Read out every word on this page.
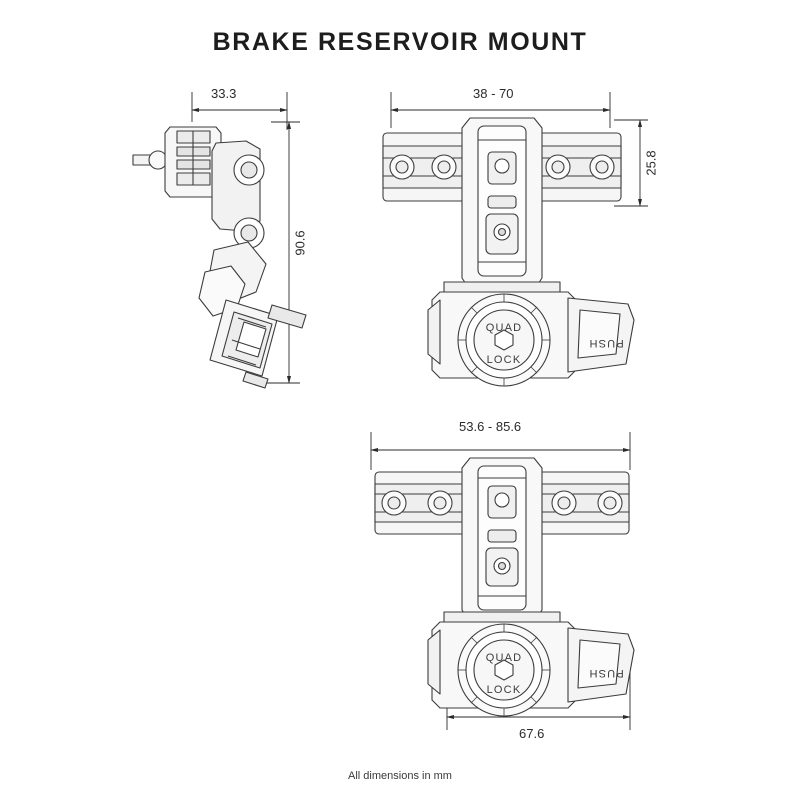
BRAKE RESERVOIR MOUNT
QUAD
LOCK
PUSH
QUAD
LOCK
PUSH
33.3
90.6
38 - 70
25.8
53.6 - 85.6
67.6
All dimensions in mm
